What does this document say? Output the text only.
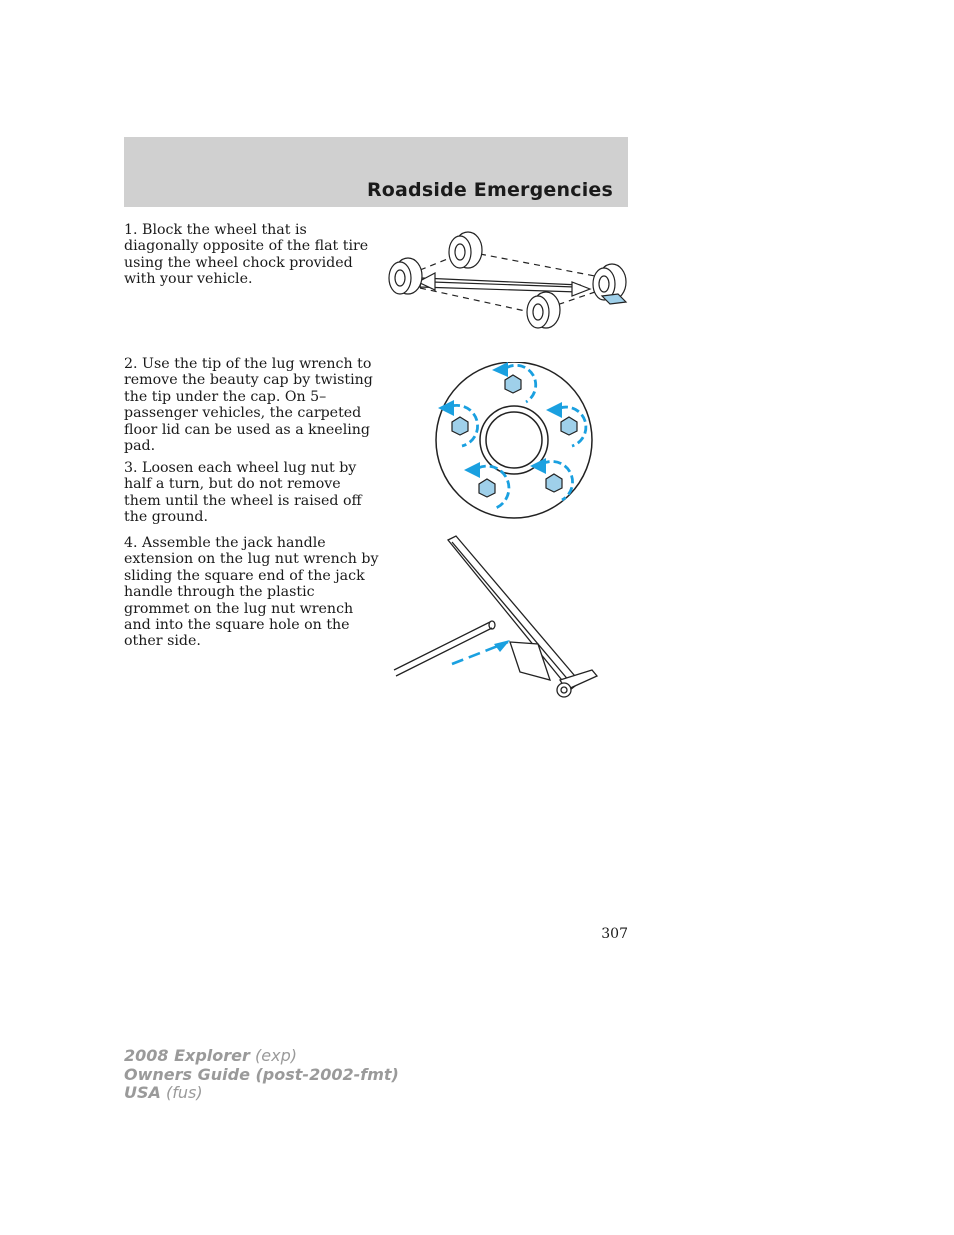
Roadside Emergencies
1. Block the wheel that is diagonally opposite of the flat tire using the wheel chock provided with your vehicle.
2. Use the tip of the lug wrench to remove the beauty cap by twisting the tip under the cap. On 5–passenger vehicles, the carpeted floor lid can be used as a kneeling pad.
3. Loosen each wheel lug nut by half a turn, but do not remove them until the wheel is raised off the ground.
4. Assemble the jack handle extension on the lug nut wrench by sliding the square end of the jack handle through the plastic grommet on the lug nut wrench and into the square hole on the other side.
307
2008 Explorer (exp)
Owners Guide (post-2002-fmt)
USA (fus)
